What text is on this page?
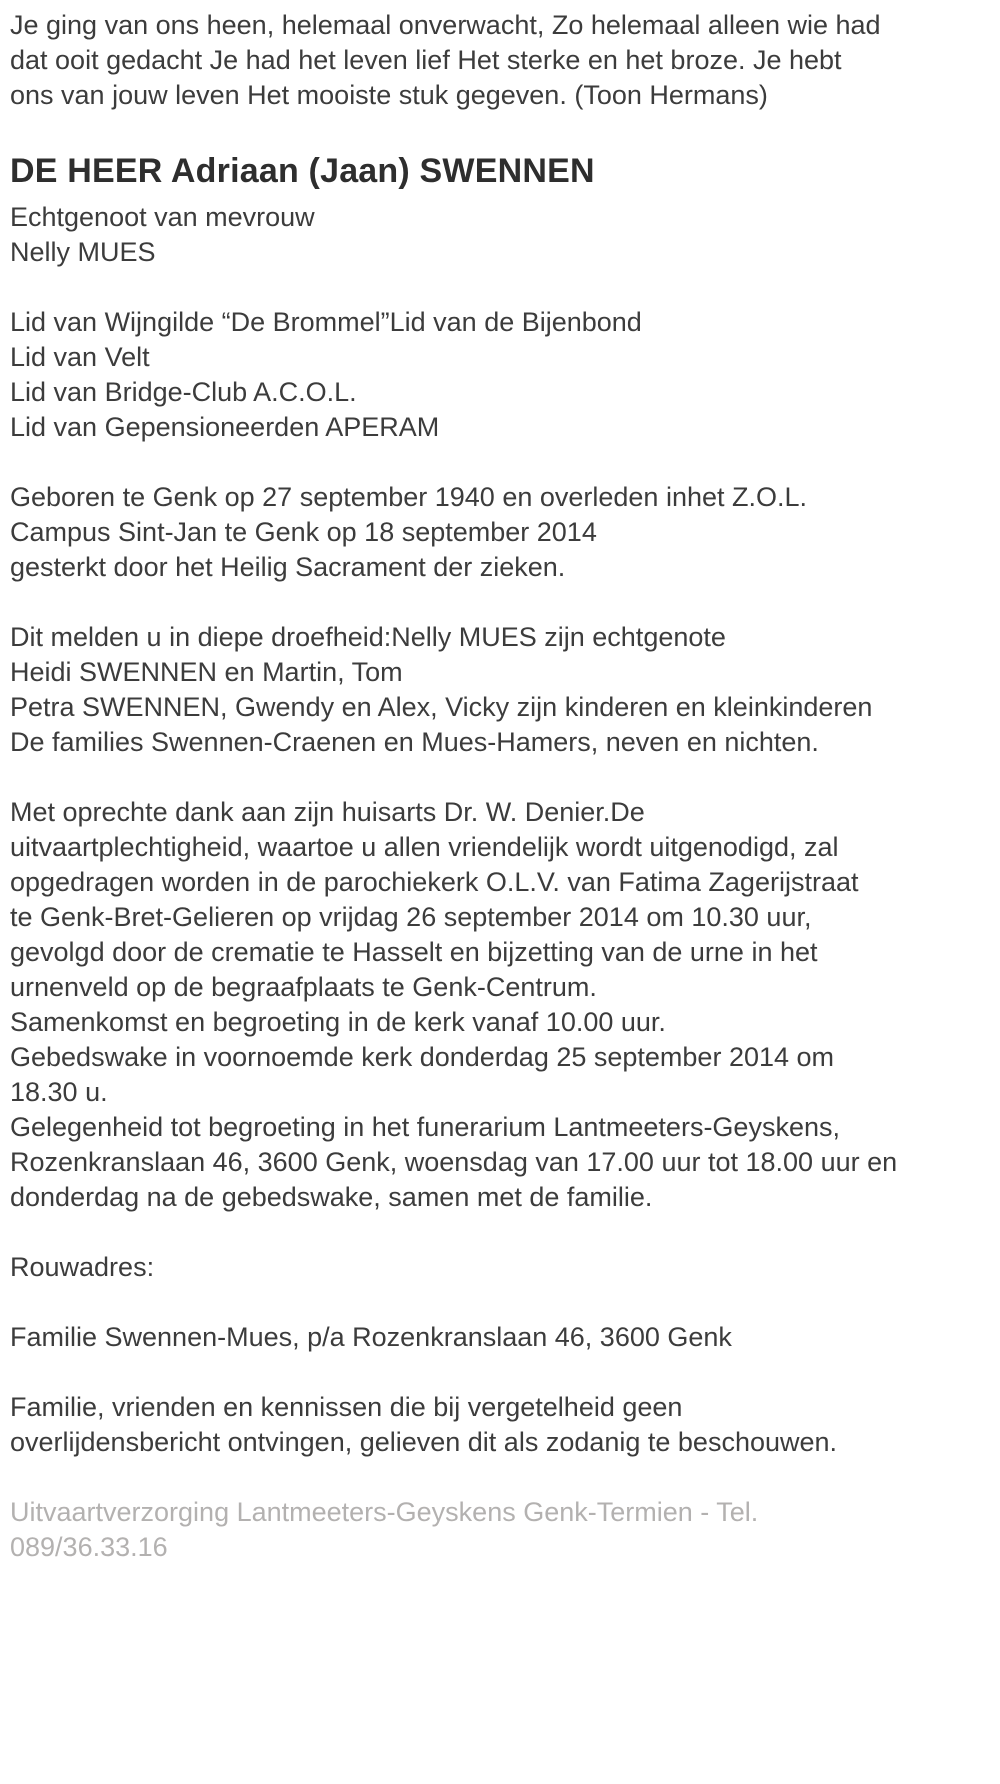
Je ging van ons heen, helemaal onverwacht, Zo helemaal alleen wie had
dat ooit gedacht Je had het leven lief Het sterke en het broze. Je hebt
ons van jouw leven Het mooiste stuk gegeven. (Toon Hermans)
DE HEER Adriaan (Jaan) SWENNEN
Echtgenoot van mevrouw
Nelly MUES
Lid van Wijngilde “De Brommel”Lid van de Bijenbond
Lid van Velt
Lid van Bridge-Club A.C.O.L.
Lid van Gepensioneerden APERAM
Geboren te Genk op 27 september 1940 en overleden inhet Z.O.L.
Campus Sint-Jan te Genk op 18 september 2014
gesterkt door het Heilig Sacrament der zieken.
Dit melden u in diepe droefheid:Nelly MUES zijn echtgenote
Heidi SWENNEN en Martin, Tom
Petra SWENNEN, Gwendy en Alex, Vicky zijn kinderen en kleinkinderen
De families Swennen-Craenen en Mues-Hamers, neven en nichten.
Met oprechte dank aan zijn huisarts Dr. W. Denier.De
uitvaartplechtigheid, waartoe u allen vriendelijk wordt uitgenodigd, zal
opgedragen worden in de parochiekerk O.L.V. van Fatima Zagerijstraat
te Genk-Bret-Gelieren op vrijdag 26 september 2014 om 10.30 uur,
gevolgd door de crematie te Hasselt en bijzetting van de urne in het
urnenveld op de begraafplaats te Genk-Centrum.
Samenkomst en begroeting in de kerk vanaf 10.00 uur.
Gebedswake in voornoemde kerk donderdag 25 september 2014 om
18.30 u.
Gelegenheid tot begroeting in het funerarium Lantmeeters-Geyskens,
Rozenkranslaan 46, 3600 Genk, woensdag van 17.00 uur tot 18.00 uur en
donderdag na de gebedswake, samen met de familie.
Rouwadres:
Familie Swennen-Mues, p/a Rozenkranslaan 46, 3600 Genk
Familie, vrienden en kennissen die bij vergetelheid geen
overlijdensbericht ontvingen, gelieven dit als zodanig te beschouwen.
Uitvaartverzorging Lantmeeters-Geyskens Genk-Termien - Tel.
089/36.33.16
